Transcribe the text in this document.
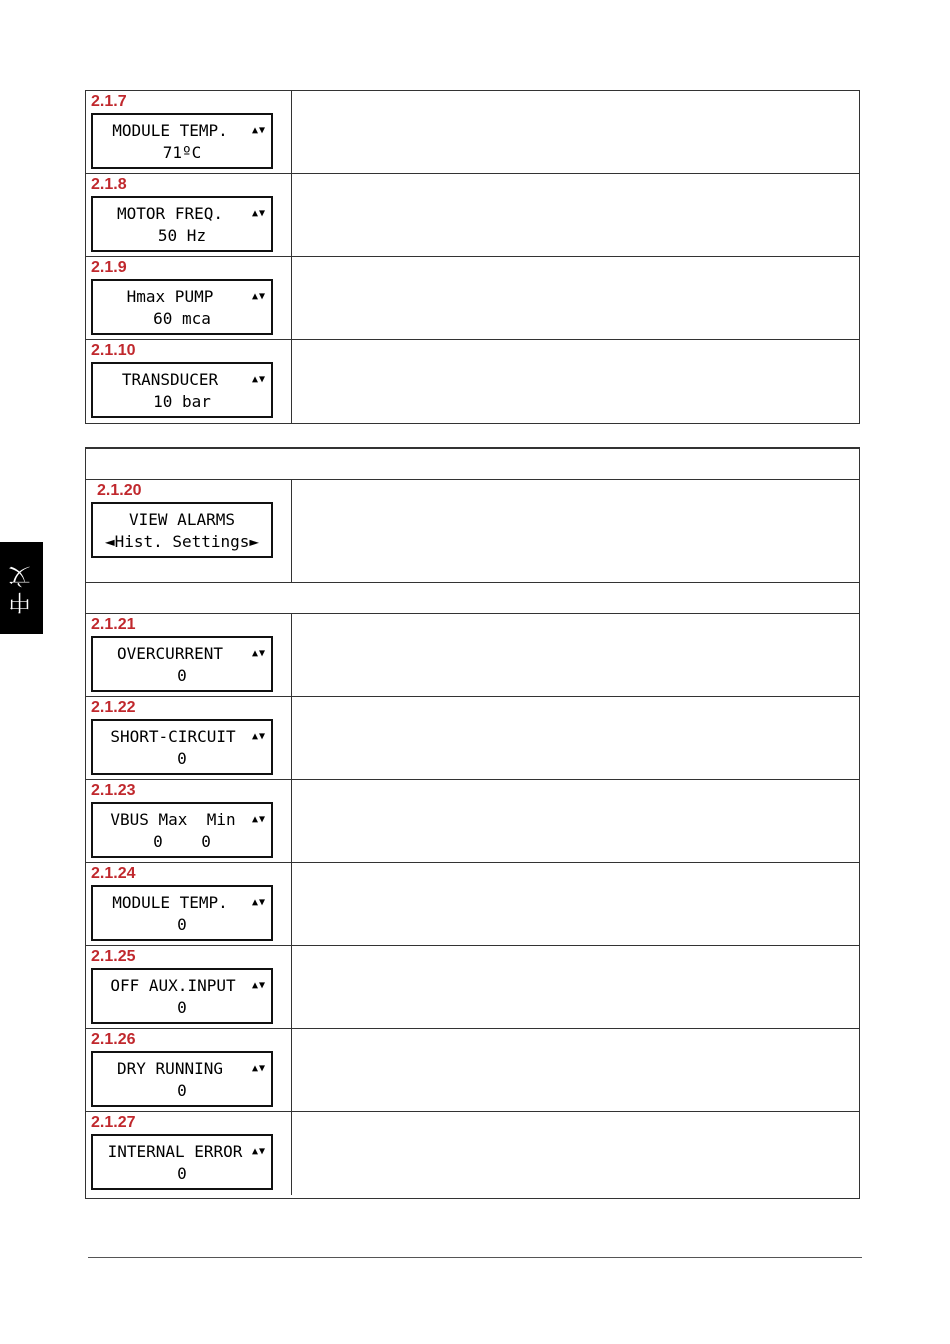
中文
2.1.7
MODULE TEMP.	▲▼
71ºC
2.1.8
MOTOR FREQ.	▲▼
50 Hz
2.1.9
Hmax PUMP	▲▼
60 mca
2.1.10
TRANSDUCER	▲▼
10 bar
2.1.20
VIEW ALARMS
◄Hist. Settings►
2.1.21
OVERCURRENT	▲▼
0
2.1.22
SHORT-CIRCUIT	▲▼
0
2.1.23
VBUS Max  Min	▲▼
0    0
2.1.24
MODULE TEMP.	▲▼
0
2.1.25
OFF AUX.INPUT	▲▼
0
2.1.26
DRY RUNNING	▲▼
0
2.1.27
INTERNAL ERROR ▲▼
0
